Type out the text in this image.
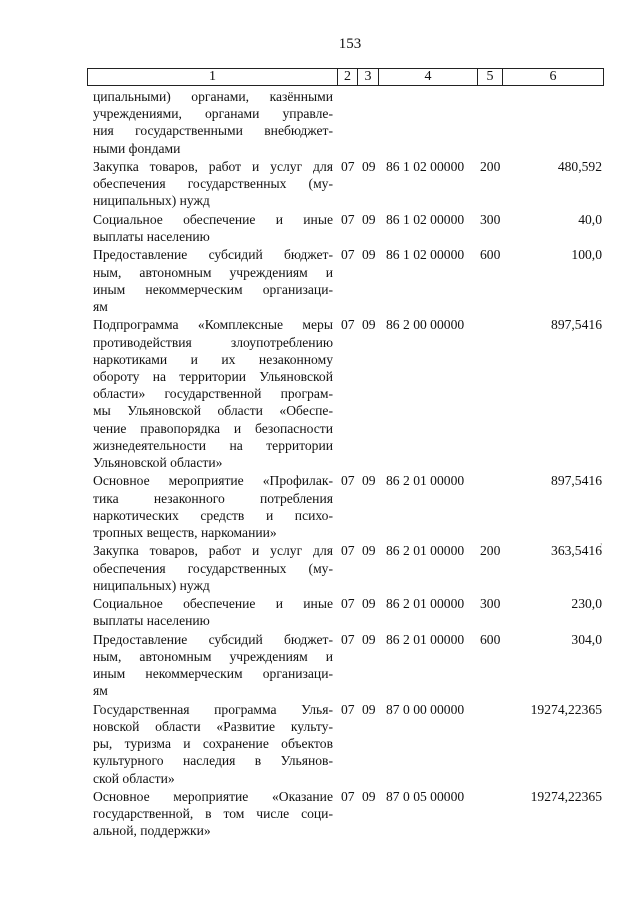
153
1	2	3	4	5	6
ципальными) органами, казёнными
учреждениями, органами управле-
ния государственными внебюджет-
ными фондами
Закупка товаров, работ и услуг для
обеспечения государственных (му-
ниципальных) нужд
07 09 86 1 02 00000 200	480,592
Социальное обеспечение и иные
выплаты населению
07 09 86 1 02 00000 300	40,0
Предоставление субсидий бюджет-
ным, автономным учреждениям и
иным некоммерческим организаци-
ям
07 09 86 1 02 00000 600	100,0
Подпрограмма «Комплексные меры
противодействия злоупотреблению
наркотиками и их незаконному
обороту на территории Ульяновской
области» государственной програм-
мы Ульяновской области «Обеспе-
чение правопорядка и безопасности
жизнедеятельности на территории
Ульяновской области»
07 09 86 2 00 00000	897,5416
Основное мероприятие «Профилак-
тика незаконного потребления
наркотических средств и психо-
тропных веществ, наркомании»
07 09 86 2 01 00000	897,5416
Закупка товаров, работ и услуг для
обеспечения государственных (му-
ниципальных) нужд
07 09 86 2 01 00000 200	363,5416
Социальное обеспечение и иные
выплаты населению
07 09 86 2 01 00000 300	230,0
Предоставление субсидий бюджет-
ным, автономным учреждениям и
иным некоммерческим организаци-
ям
07 09 86 2 01 00000 600	304,0
Государственная программа Улья-
новской области «Развитие культу-
ры, туризма и сохранение объектов
культурного наследия в Ульянов-
ской области»
07 09 87 0 00 00000	19274,22365
Основное мероприятие «Оказание
государственной, в том числе соци-
альной, поддержки»
07 09 87 0 05 00000	19274,22365
,
